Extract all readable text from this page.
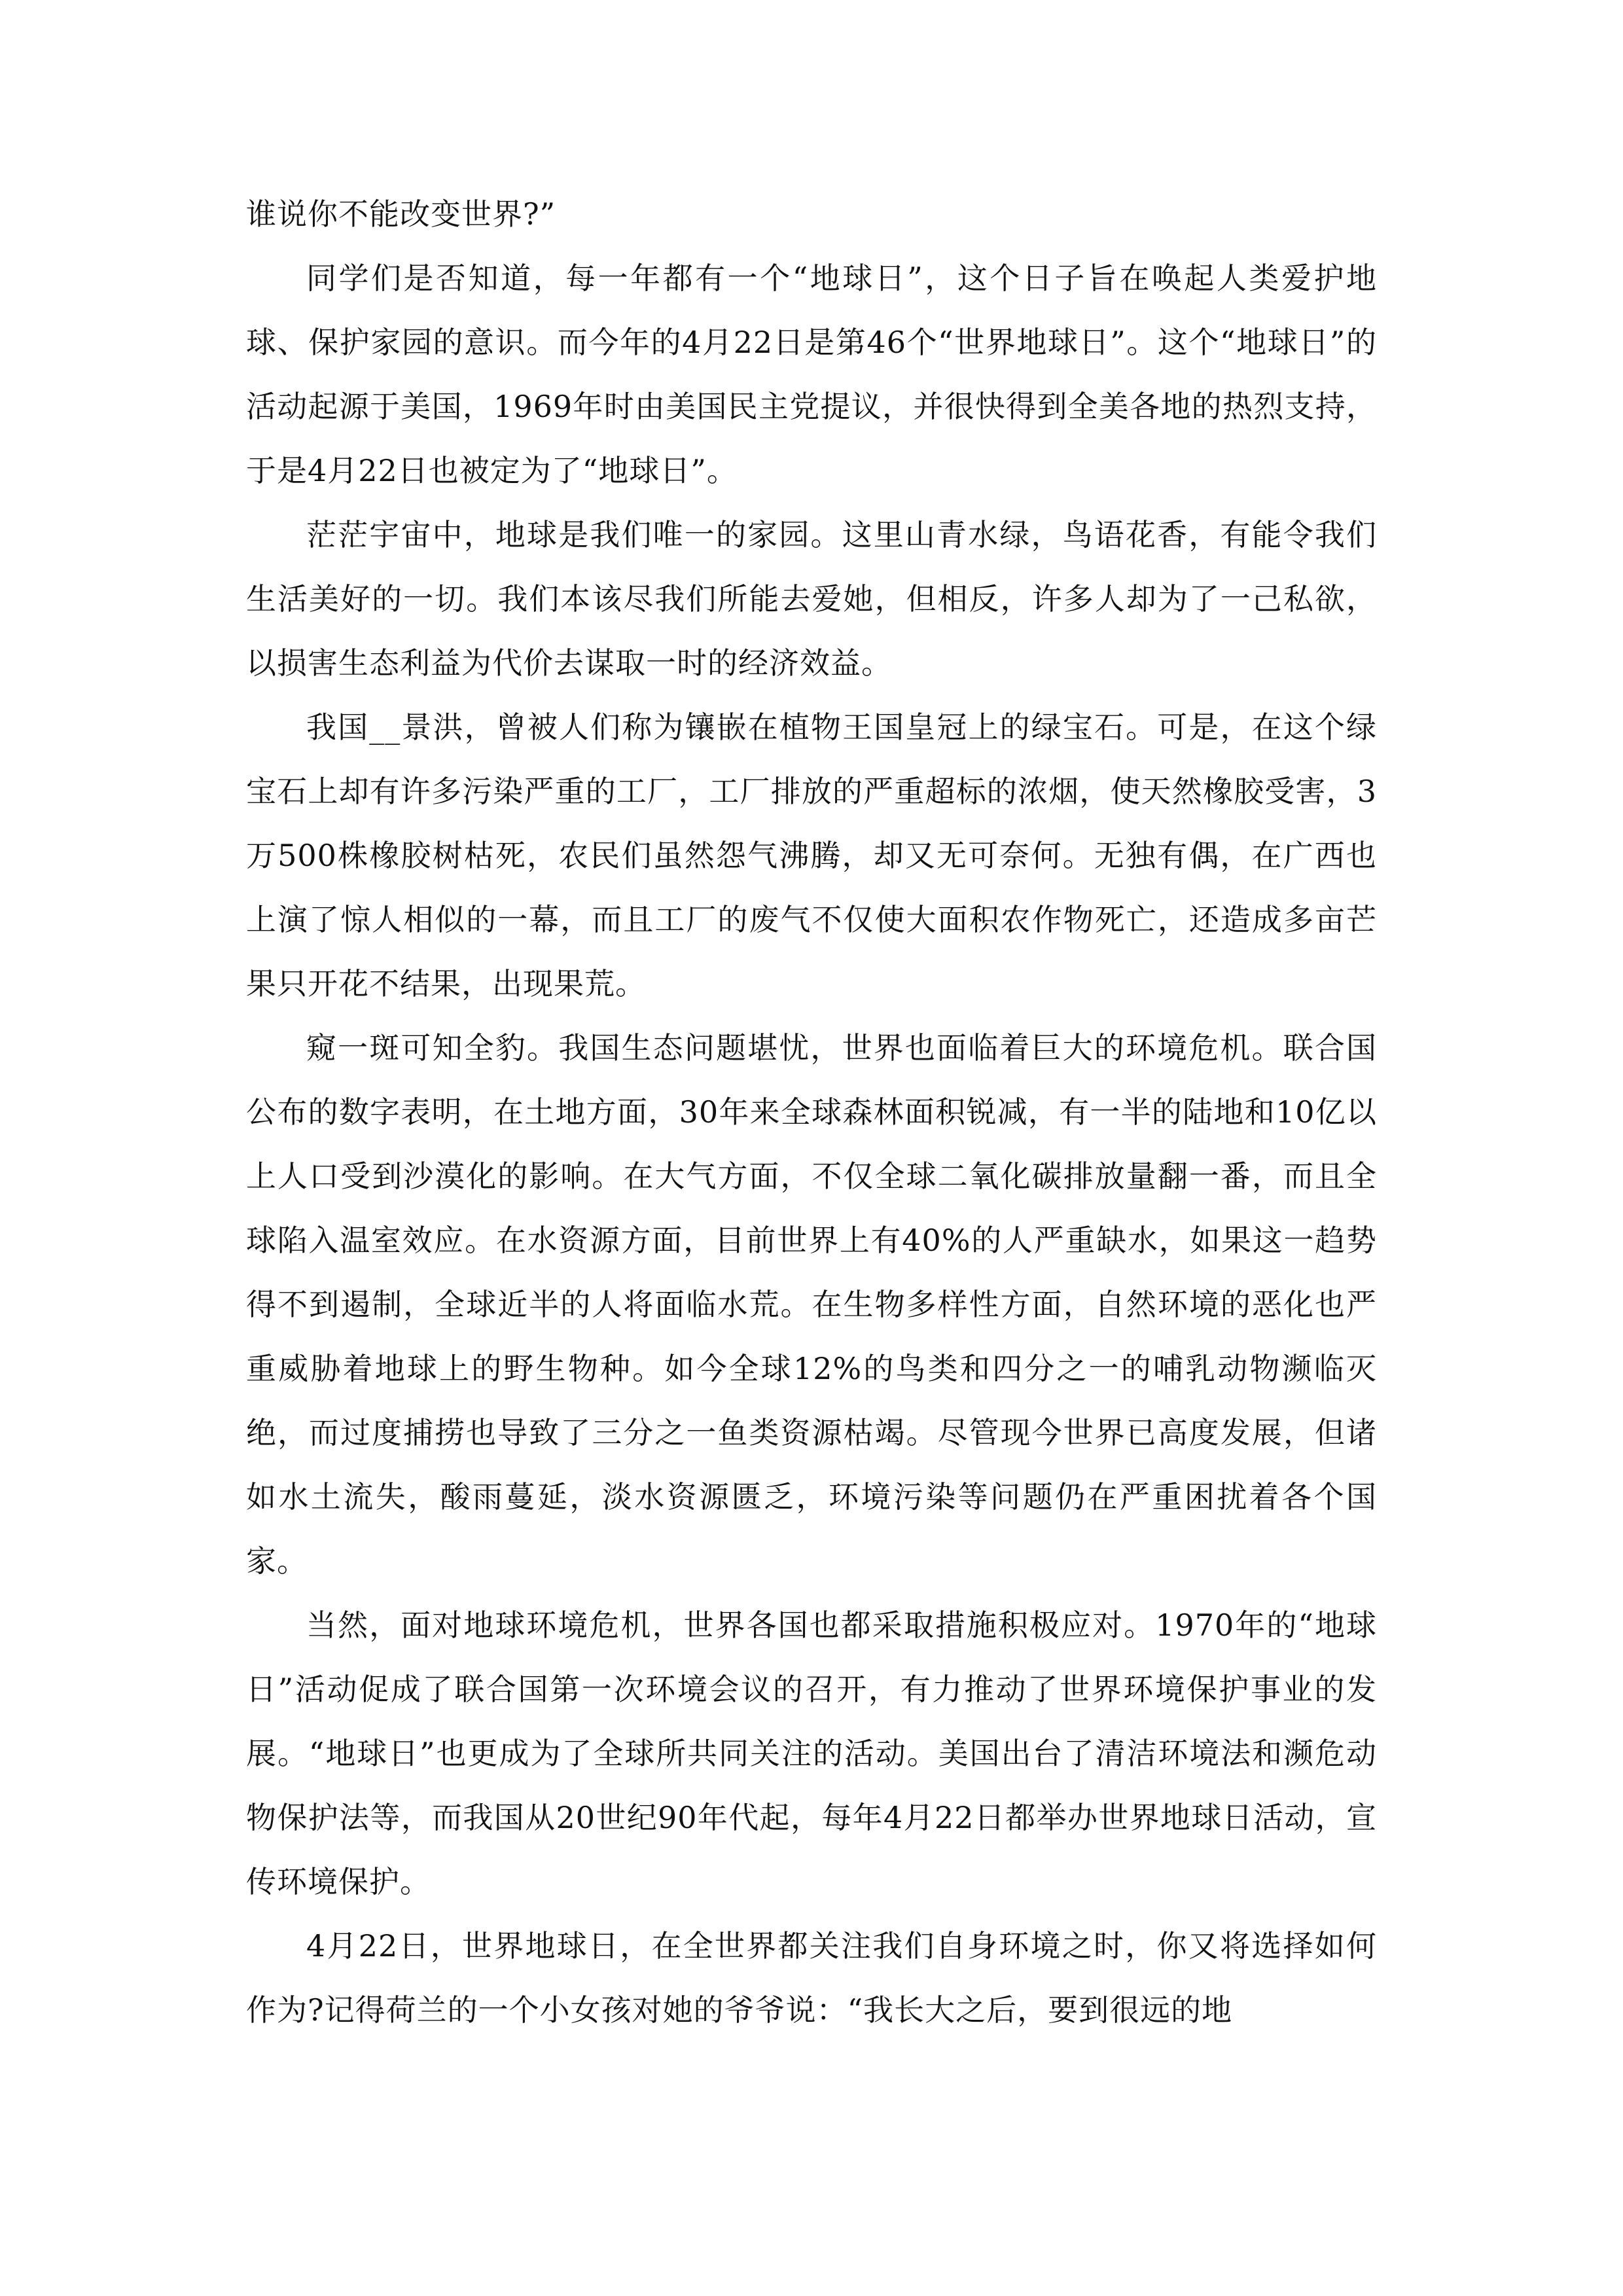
谁说你不能改变世界?”

同学们是否知道，每一年都有一个“地球日”，这个日子旨在唤起人类爱护地球、保护家园的意识。而今年的4月22日是第46个“世界地球日”。这个“地球日”的活动起源于美国，1969年时由美国民主党提议，并很快得到全美各地的热烈支持，于是4月22日也被定为了“地球日”。

茫茫宇宙中，地球是我们唯一的家园。这里山青水绿，鸟语花香，有能令我们生活美好的一切。我们本该尽我们所能去爱她，但相反，许多人却为了一己私欲，以损害生态利益为代价去谋取一时的经济效益。

我国__景洪，曾被人们称为镶嵌在植物王国皇冠上的绿宝石。可是，在这个绿宝石上却有许多污染严重的工厂，工厂排放的严重超标的浓烟，使天然橡胶受害，3万500株橡胶树枯死，农民们虽然怨气沸腾，却又无可奈何。无独有偶，在广西也上演了惊人相似的一幕，而且工厂的废气不仅使大面积农作物死亡，还造成多亩芒果只开花不结果，出现果荒。

窥一斑可知全豹。我国生态问题堪忧，世界也面临着巨大的环境危机。联合国公布的数字表明，在土地方面，30年来全球森林面积锐减，有一半的陆地和10亿以上人口受到沙漠化的影响。在大气方面，不仅全球二氧化碳排放量翻一番，而且全球陷入温室效应。在水资源方面，目前世界上有40%的人严重缺水，如果这一趋势得不到遏制，全球近半的人将面临水荒。在生物多样性方面，自然环境的恶化也严重威胁着地球上的野生物种。如今全球12%的鸟类和四分之一的哺乳动物濒临灭绝，而过度捕捞也导致了三分之一鱼类资源枯竭。尽管现今世界已高度发展，但诸如水土流失，酸雨蔓延，淡水资源匮乏，环境污染等问题仍在严重困扰着各个国家。

当然，面对地球环境危机，世界各国也都采取措施积极应对。1970年的“地球日”活动促成了联合国第一次环境会议的召开，有力推动了世界环境保护事业的发展。“地球日”也更成为了全球所共同关注的活动。美国出台了清洁环境法和濒危动物保护法等，而我国从20世纪90年代起，每年4月22日都举办世界地球日活动，宣传环境保护。

4月22日，世界地球日，在全世界都关注我们自身环境之时，你又将选择如何作为?记得荷兰的一个小女孩对她的爷爷说：“我长大之后，要到很远的地
